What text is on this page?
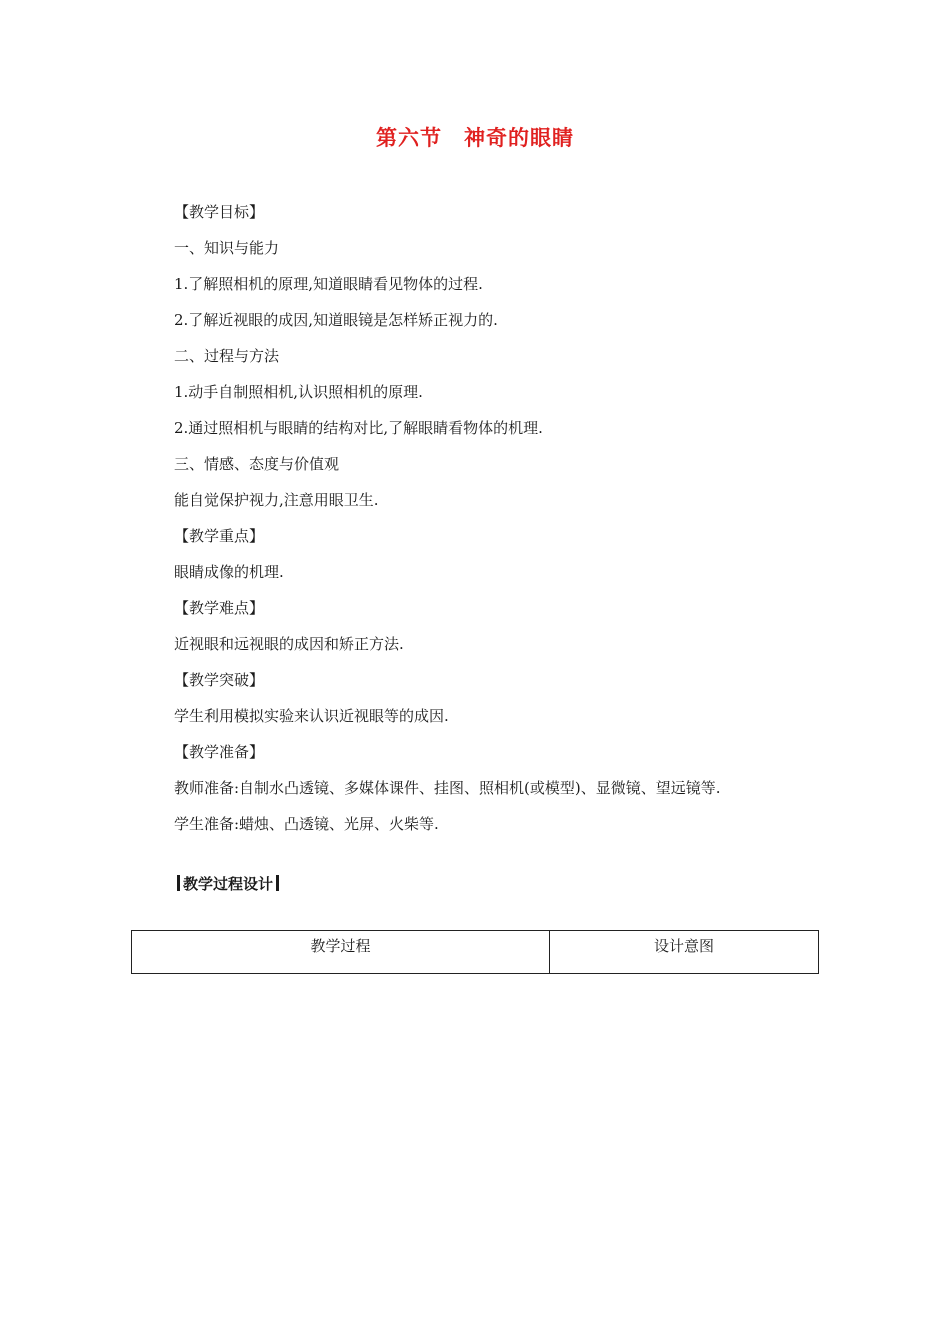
第六节 神奇的眼睛
【教学目标】
一、知识与能力
1.了解照相机的原理,知道眼睛看见物体的过程.
2.了解近视眼的成因,知道眼镜是怎样矫正视力的.
二、过程与方法
1.动手自制照相机,认识照相机的原理.
2.通过照相机与眼睛的结构对比,了解眼睛看物体的机理.
三、情感、态度与价值观
能自觉保护视力,注意用眼卫生.
【教学重点】
眼睛成像的机理.
【教学难点】
近视眼和远视眼的成因和矫正方法.
【教学突破】
学生利用模拟实验来认识近视眼等的成因.
【教学准备】
教师准备:自制水凸透镜、多媒体课件、挂图、照相机(或模型)、显微镜、望远镜等.
学生准备:蜡烛、凸透镜、光屏、火柴等.
教学过程设计
教学过程	设计意图
